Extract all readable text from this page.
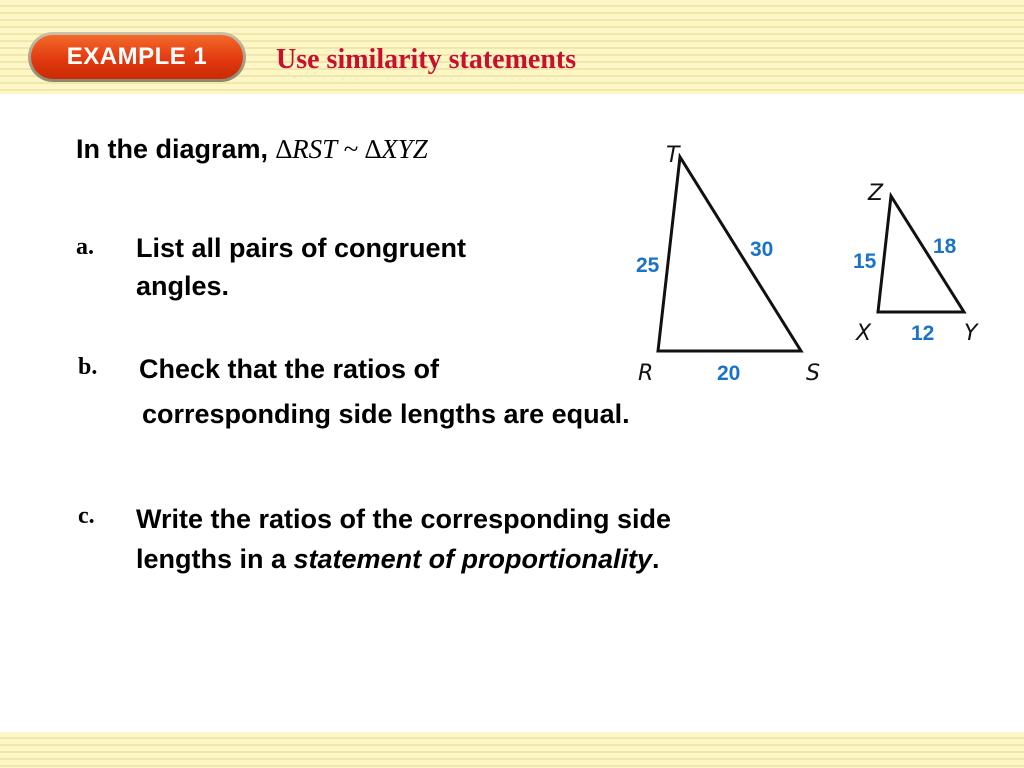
EXAMPLE 1 Use similarity statements
In the diagram, ∆RST ~ ∆XYZ
a. List all pairs of congruent
angles.
b. Check that the ratios of
corresponding side lengths are equal.
c. Write the ratios of the corresponding side
lengths in a statement of proportionality.
T
R	S
25
30
20
Z
X	Y
15
18
12
